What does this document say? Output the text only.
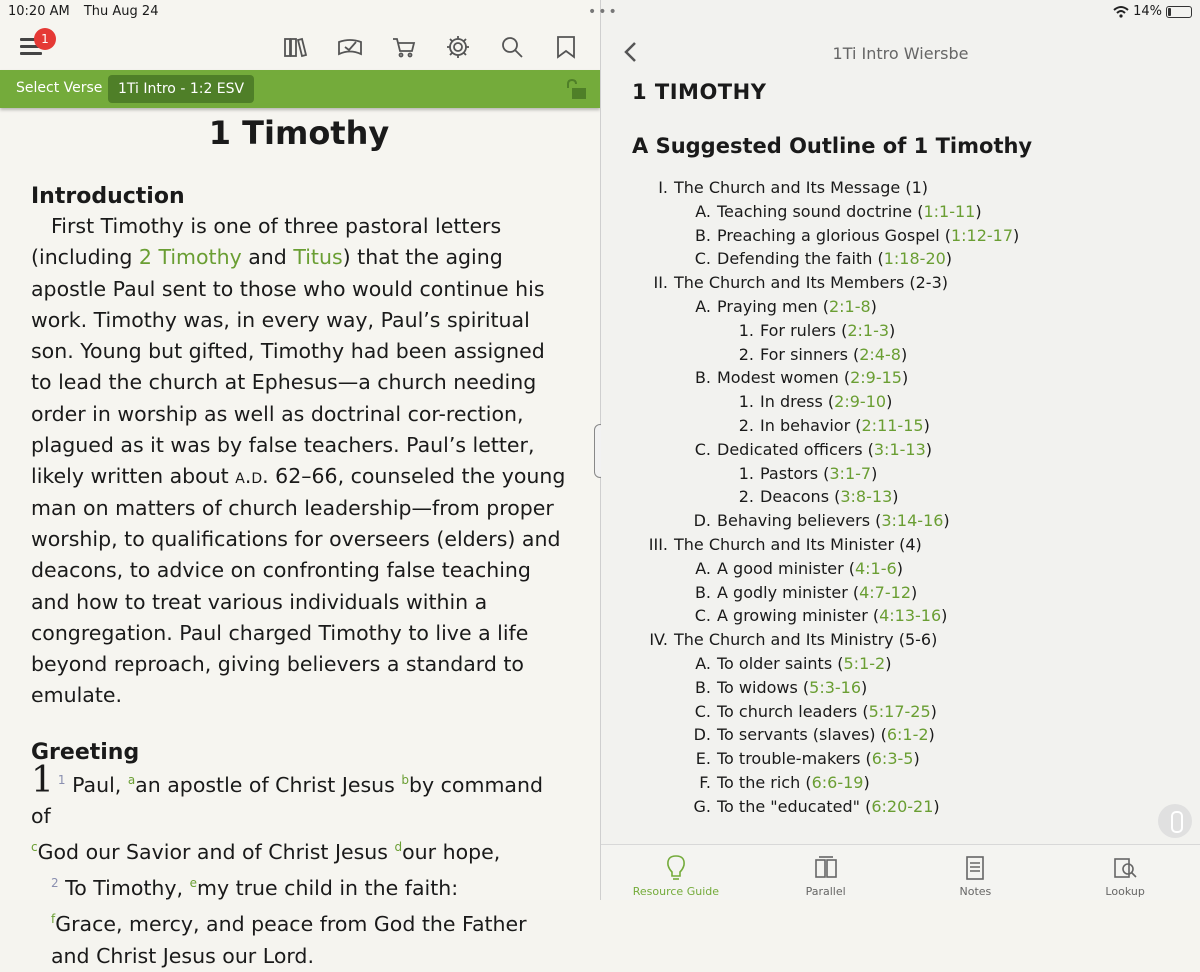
1
Select Verse	1Ti Intro - 1:2 ESV
1 Timothy
Introduction

First Timothy is one of three pastoral letters (including 2 Timothy and Titus) that the aging apostle Paul sent to those who would continue his work. Timothy was, in every way, Paul’s spiritual son. Young but gifted, Timothy had been assigned to lead the church at Ephesus—a church needing order in worship as well as doctrinal cor-rection, plagued as it was by false teachers. Paul’s letter, likely written about a.d. 62–66, counseled the young man on matters of church leadership—from proper worship, to qualifications for overseers (elders) and deacons, to advice on confronting false teaching and how to treat various individuals within a congregation. Paul charged Timothy to live a life beyond reproach, giving believers a standard to emulate.

Greeting
1 $^1$ Paul, $^a$an apostle of Christ Jesus $^b$by command of
$^c$God our Savior and of Christ Jesus $^d$our hope,
$^2$ To Timothy, $^e$my true child in the faith:
$^f$Grace, mercy, and peace from God the Father and Christ Jesus our Lord.
1Ti Intro Wiersbe
1 TIMOTHY
A Suggested Outline of 1 Timothy
I. The Church and Its Message (1)
A. Teaching sound doctrine (1:1-11)
B. Preaching a glorious Gospel (1:12-17)
C. Defending the faith (1:18-20)
II. The Church and Its Members (2-3)
A. Praying men (2:1-8)
1. For rulers (2:1-3)
2. For sinners (2:4-8)
B. Modest women (2:9-15)
1. In dress (2:9-10)
2. In behavior (2:11-15)
C. Dedicated officers (3:1-13)
1. Pastors (3:1-7)
2. Deacons (3:8-13)
D. Behaving believers (3:14-16)
III. The Church and Its Minister (4)
A. A good minister (4:1-6)
B. A godly minister (4:7-12)
C. A growing minister (4:13-16)
IV. The Church and Its Ministry (5-6)
A. To older saints (5:1-2)
B. To widows (5:3-16)
C. To church leaders (5:17-25)
D. To servants (slaves) (6:1-2)
E. To trouble-makers (6:3-5)
F. To the rich (6:6-19)
G. To the "educated" (6:20-21)
Resource Guide	Parallel	Notes	Lookup
10:20 AM Thu Aug 24	•••	14%
